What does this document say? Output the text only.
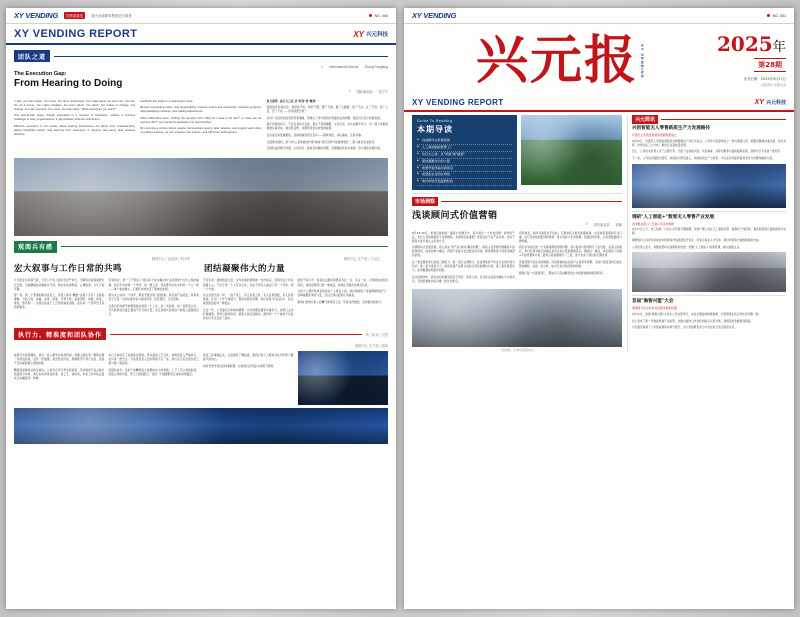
XY VENDING	国资委重组	成为全球新零售智造引领者	NO. 004
XY VENDING REPORT	XY 兴元科技
团队之道
> International Director Zhang Fangfang
The Execution Gap:
From Hearing to Doing
> 国际事业部 张方方

"I talk, you don't listen. You listen, but don't understand. You understand, but won't act. You act, but do it wrong. You make mistakes, but won't admit. You admit, but refuse to change. You change, but stay resentful. You moan, but stay silent." What exactly do you want?"

This well-known quote, though expressed in a moment of frustration, reflects a common challenge in many organizations: a gap between intention and action.

Effective execution is not merely about hearing instructions—it's about truly understanding, taking thoughtful action, and learning from outcomes. It requires that every task receives attentive

feedback and leads to a meaningful result.

Beyond completing tasks, real responsibility involves end-to-end ownership—tracking progress, acknowledging missteps, and making adjustments.

When difficulties occur, shifting the question from "Why do I have to do this?" to "How can we improve this?" can transform obstacles into opportunities.

By nurturing a culture where people communicate openly, take initiative, and support each other in problem-solving, we turn intention into impact—and effort into achievement.

原文说明：执行力之差 从"听到"到"做到"

我最怕对你讲这些：我说你不听，你听不懂，懂了不做，做了又做错，错了不认，认了不改，改了又怨，怨了不说……你到底想怎样？

这句广为流传的话虽然带着情绪，却道出了许多组织中普遍存在的问题：想法与行动之间的落差。

真正有效的执行，不仅仅是听从安排，更在于深刻理解、主动行动、并从结果中学习。每一项工作都需要被认真对待、被及时反馈，并最终带来实质性的成果。

比完成任务更重要的，是端到端的责任意识——跟踪进度、承认偏差、及时纠偏。

当困难出现时，把"为什么是我做这件事"换成"我们怎样才能做得更好"，阻力就会变成机会。

当团队成员敢于沟通、主动担当、彼此支持解决问题，意图就能转化为成效，努力就能成就价值。

观阅兵有感
制造中心 / 品质部 / 刘小军	制造中心 生产部 / 王汉江
宏大叙事与工作日常的共鸣	团结凝聚伟大的力量

九月的北京秋高气爽，天安门广场上阅兵式庄严举行。当钢铁洪流滚滚驶过长安街，当战鹰编队呼啸掠过天际，我坐在电视机前，心潮澎湃，久久不能平静。

那一刻，我一个普通的制造业员工，突然之间对"精度"这两个字有了全新的理解。方队行进，步幅、步速、排面，分毫不差；装备列阵，间距、角度、速度，整齐划一。这背后是成千上万次的重复训练，是对每一个细节近乎苛刻的要求。

回到岗位，我一下子明白了我们每天挂在嘴边的"品质管控"为什么如此重要。我们手中的每一个零件、每一道工序，其实都和方队中的每一个人一样——单个看似渺小，汇聚起来却决定了整体的成败。

阅兵式上的每一个动作，都是无数次练习的结果。我们的产品质量，同样来自于日复一日的标准作业与持续改进。没有捷径，只有坚持。

当我们把对细节的敬畏落实到每一个工位、每一次检验、每一张报表上时，平凡的岗位也能汇聚成不平凡的力量。这正是阅兵给我这个制造人最深的启示。

千百年来，团结就是力量，这句朴素的道理被一次次验证。受阅方队之所以震撼人心，不在于某一个人有多出色，而在于所有人做到了同一个节拍、同一个方向。

在企业里也是一样。一条产线上，有人负责上料，有人负责装配，有人负责检测，任何一个环节掉链子，整条线都会停摆。我们常说"补位意识"，其实就是团结的另一种表达。

过去一年，公司面对订单结构调整、交付周期压缩等多重压力，各部门主动打破墙壁，研发与制造协同，销售与供应链联动，最终把一个个看似不可能的交付节点变成了现实。

团结不是口号，而是在关键时刻愿意多扛一点、多走一步。它体现在加班的深夜，体现在跨部门的一通电话，体现在无数次的相互托底。

当每个人都把集体目标放在个人得失之前，我们就拥有了穿越周期的底气。这种凝聚起来的力量，足以让我们面对任何挑战。

愿我们把阅兵场上的精气神带回工位，带着这份团结，走向更远的地方。

执行力、精准度和团队协作	观《阅兵》有感
制造中心 生产部 / 范伟

看阅兵式的直播时，我们一家人都守在电视机前。屏幕上的队列一眼望去像一条笔直的线，没有一丝摇摆。我忽然意识到，那种整齐不是天生的，而是千百次重复堆出来的结果。

精准度是制造业的生命线。公差零点零几毫米的差别，可能就是产品合格与报废的分水岭。我们在车间里谈标准、谈工艺、谈检具，本质上和方队反复校正步幅是同一件事。

执行力则决定了标准能否落地。再完美的工艺文件，如果没有人严格执行，也只是一纸空文。方队里没有人因为累就少走一步，我们也不应该因为赶工就少做一道检验。

而团队协作，是把个体精度放大成整体实力的乘数。上下工序之间的衔接、班组之间的交接、部门之间的配合，任何一个缝隙都会让成本悄悄溜走。

把这三件事做扎实，企业就有了硬底盘。愿我们每个人都成为队列中那个踏准节拍的人。

向所有坚守岗位的同事致敬，也向我们共同奋斗的明天致敬。

XY VENDING	NO. 001
兴元报 XY VENDING	2025年
第28期
出刊日期：2025年9月27日
内部资料 免费交流
XY VENDING REPORT	XY 兴元科技
Guide To Reading
本期导读
◆ 浅谈顾问式价值营销
◆ 人工智能赋能智慧工厂
◆ 执行力之差：从"听到"到"做到"
◆ 团结凝聚伟大的力量
◆ 智慧零售终端与新场景
◆ 质量是企业的生命线
◆ 海外市场开拓进展纪实
市场洞察
浅谈顾问式价值营销
> 国内事业部 张敏

8月29-30日，和我们参加的一届客户沟通会中，客户提出一个共性问题：同样的产品，为什么有的销售谈下来很顺利，有的却处处碰壁？答案往往不在产品本身，而在于销售与客户建立关系的方式。

所谓顾问式价值营销，核心是从"卖产品"转向"解决问题"。销售人员需要先理解客户的经营场景、成本结构与痛点，再用产品能力去匹配这些需求，最终帮助客户创造可衡量的价值。

这一转变要求我们具备三种能力：第一是行业洞察力，能讲清楚客户所在行业的趋势与机会；第二是方案设计力，能把标准产品组合成贴合场景的解决方案；第三是价值量化力，能用数据说明投资回报。

在实际操作中，我们常犯的错误是急于报价。报价之前，应该先完成需求确认与方案共识，否则价格就会成为唯一的讨论焦点。

坦率地说，顾问式销售并不轻松。它要求投入更多前期时间，也意味着更高的专业门槛。但它带来的回报同样明显：更长的客户生命周期、更高的续约率，以及更稳固的口碑传播。

我们在华东区的一个实践案例很说明问题。客户最初只想采购几十台设备，在深入沟通后，我们发现其真正的痛点是多点位运营的数据孤岛。围绕这一痛点，我们提供了终端+平台的整体方案，最终合同金额提升了三倍，客户也成了我们的长期伙伴。

价值营销不是话术的堆砌，而是真诚地站在客户立场思考问题。当客户感受到我们是在帮他赚钱、省钱、省心时，成交只是自然而然的结果。

愿我们每一位销售同仁，都能从产品讲解员成长为值得信赖的经营顾问。

大会现场 · 合作伙伴签约仪式
兴元简讯
兴创智能无人零售新质生产力发展路径
中国无人零售装备智造创新联盟成立

9月22日，中国无人零售装备智造创新联盟在广州正式成立，公司作为发起单位之一参与筹建工作。联盟将聚焦标准共建、技术共研、市场共拓三大方向，推动行业高质量发展。

会上，公司技术负责人作了主题分享，介绍了在智能识别、动态称重、远程运维等方面的最新成果，获得与会专家的一致好评。

下一步，公司将以联盟为纽带，持续加大研发投入，加快新质生产力培育，为行业伙伴提供更具竞争力的整体解决方案。

调研"人工智能+"数智无人零售产业发展
省市相关部门一行到公司走访调研

9月17日上午，市工信局一行到公司开展专题调研，详细了解公司在人工智能应用、数智化产线改造、柔性制造等方面的探索与实践。

调研组对公司近年来的技术积累和市场表现给予肯定，并表示将在人才引进、项目申报等方面继续提供支持。

公司负责人表示，将继续坚持以创新驱动发展，把握"人工智能+"政策机遇，做大做强主业。

首届"淘智兴盟"大会
渠道商与生态伙伴共话新零售新机遇

9月11日，首届"淘智兴盟"大会在公司总部举行，来自全国各地的渠道商、运营商和生态合作伙伴齐聚一堂。

会上发布了新一代智能终端产品矩阵，并推出面向合作伙伴的联合运营计划，现场签约金额再创新高。

与会嘉宾参观了公司智能制造车间与展厅，对公司的研发实力与交付能力表示高度认可。
